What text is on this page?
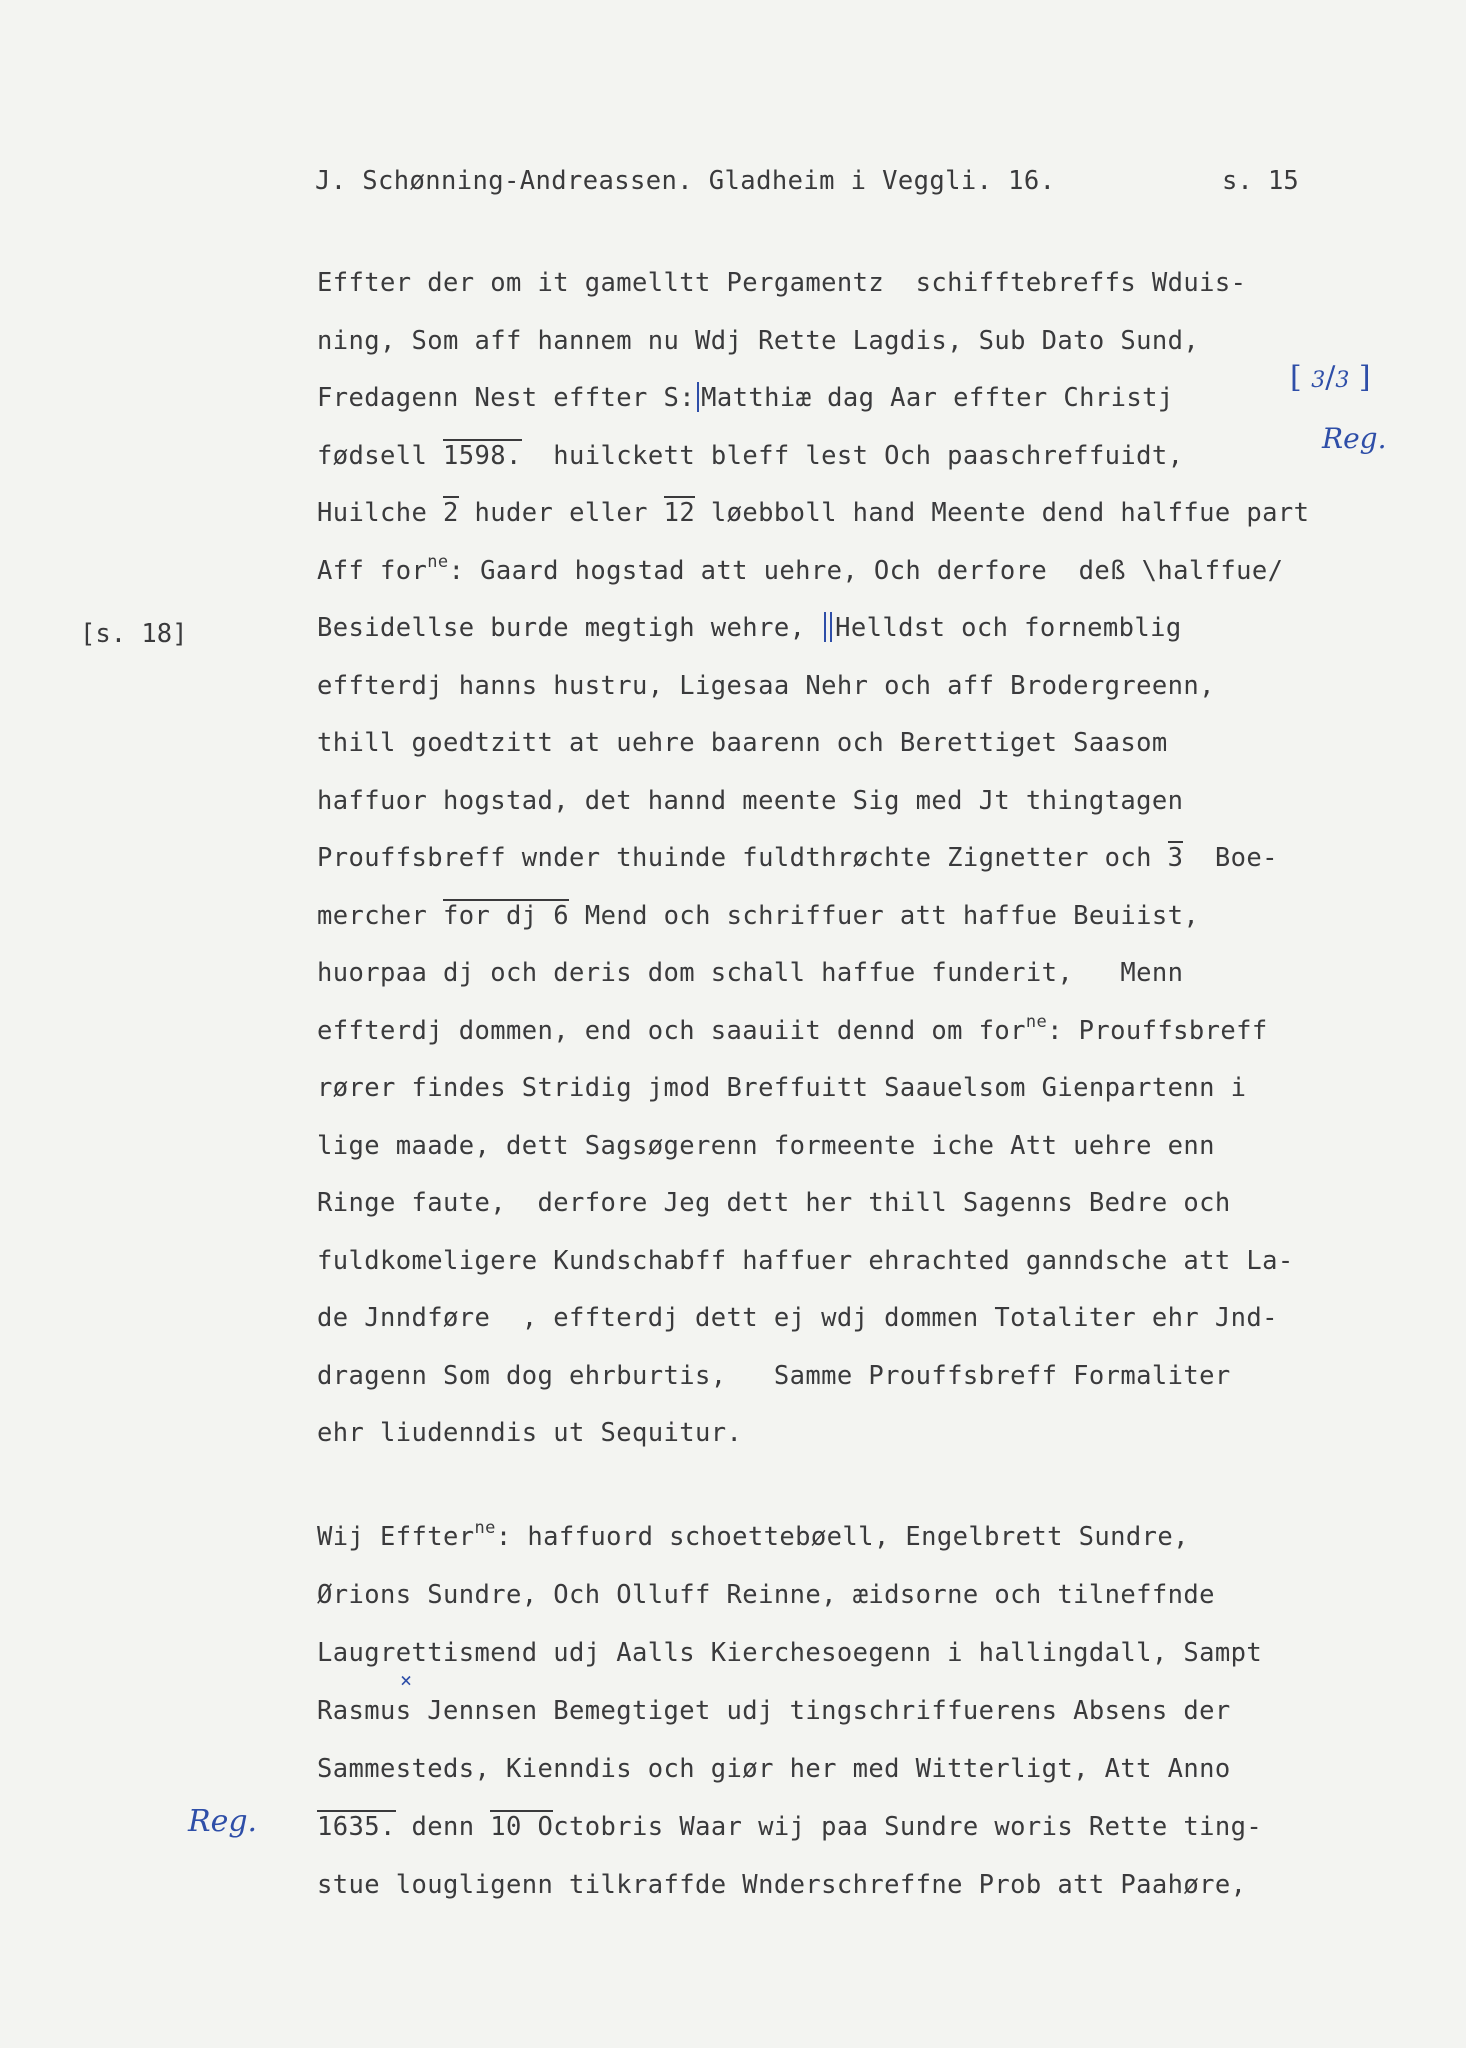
J. Schønning-Andreassen. Gladheim i Veggli. 16.	s. 15
[s. 18]
[ 3/3 ]
Reg.
Reg.
×
Effter der om it gamelltt Pergamentz  schifftebreffs Wduis-
ning, Som aff hannem nu Wdj Rette Lagdis, Sub Dato Sund,
Fredagenn Nest effter S: Matthiæ dag Aar effter Christj
fødsell 1598.  huilckett bleff lest Och paaschreffuidt,
Huilche 2 huder eller 12 løebboll hand Meente dend halffue part
Aff for$^{ne}$: Gaard hogstad att uehre, Och derfore  deß \halffue/
Besidellse burde megtigh wehre, Helldst och fornemblig
effterdj hanns hustru, Ligesaa Nehr och aff Brodergreenn,
thill goedtzitt at uehre baarenn och Berettiget Saasom
haffuor hogstad, det hannd meente Sig med Jt thingtagen
Prouffsbreff wnder thuinde fuldthrøchte Zignetter och 3  Boe-
mercher for dj 6 Mend och schriffuer att haffue Beuiist,
huorpaa dj och deris dom schall haffue funderit,   Menn
effterdj dommen, end och saauiit dennd om for$^{ne}$: Prouffsbreff
rører findes Stridig jmod Breffuitt Saauelsom Gienpartenn i
lige maade, dett Sagsøgerenn formeente iche Att uehre enn
Ringe faute,  derfore Jeg dett her thill Sagenns Bedre och
fuldkomeligere Kundschabff haffuer ehrachted ganndsche att La-
de Jnndføre  , effterdj dett ej wdj dommen Totaliter ehr Jnd-
dragenn Som dog ehrburtis,   Samme Prouffsbreff Formaliter
ehr liudenndis ut Sequitur.
Wij Effter$^{ne}$: haffuord schoettebøell, Engelbrett Sundre,
Ørions Sundre, Och Olluff Reinne, æidsorne och tilneffnde
Laugrettismend udj Aalls Kierchesoegenn i hallingdall, Sampt
Rasmus Jennsen Bemegtiget udj tingschriffuerens Absens der
Sammesteds, Kienndis och giør her med Witterligt, Att Anno
1635. denn 10 Octobris Waar wij paa Sundre woris Rette ting-
stue lougligenn tilkraffde Wnderschreffne Prob att Paahøre,
